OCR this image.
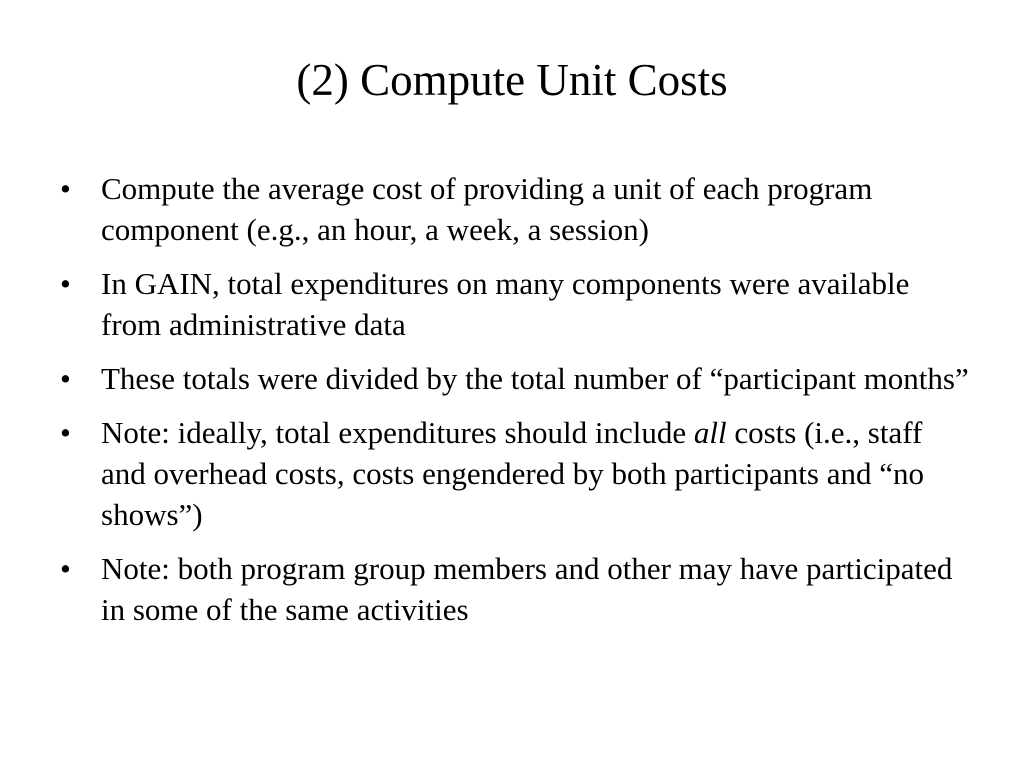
(2) Compute Unit Costs
• Compute the average cost of providing a unit of each program component (e.g., an hour, a week, a session)
• In GAIN, total expenditures on many components were available from administrative data
• These totals were divided by the total number of “participant months”
• Note: ideally, total expenditures should include all costs (i.e., staff and overhead costs, costs engendered by both participants and “no shows”)
• Note: both program group members and other may have participated in some of the same activities
